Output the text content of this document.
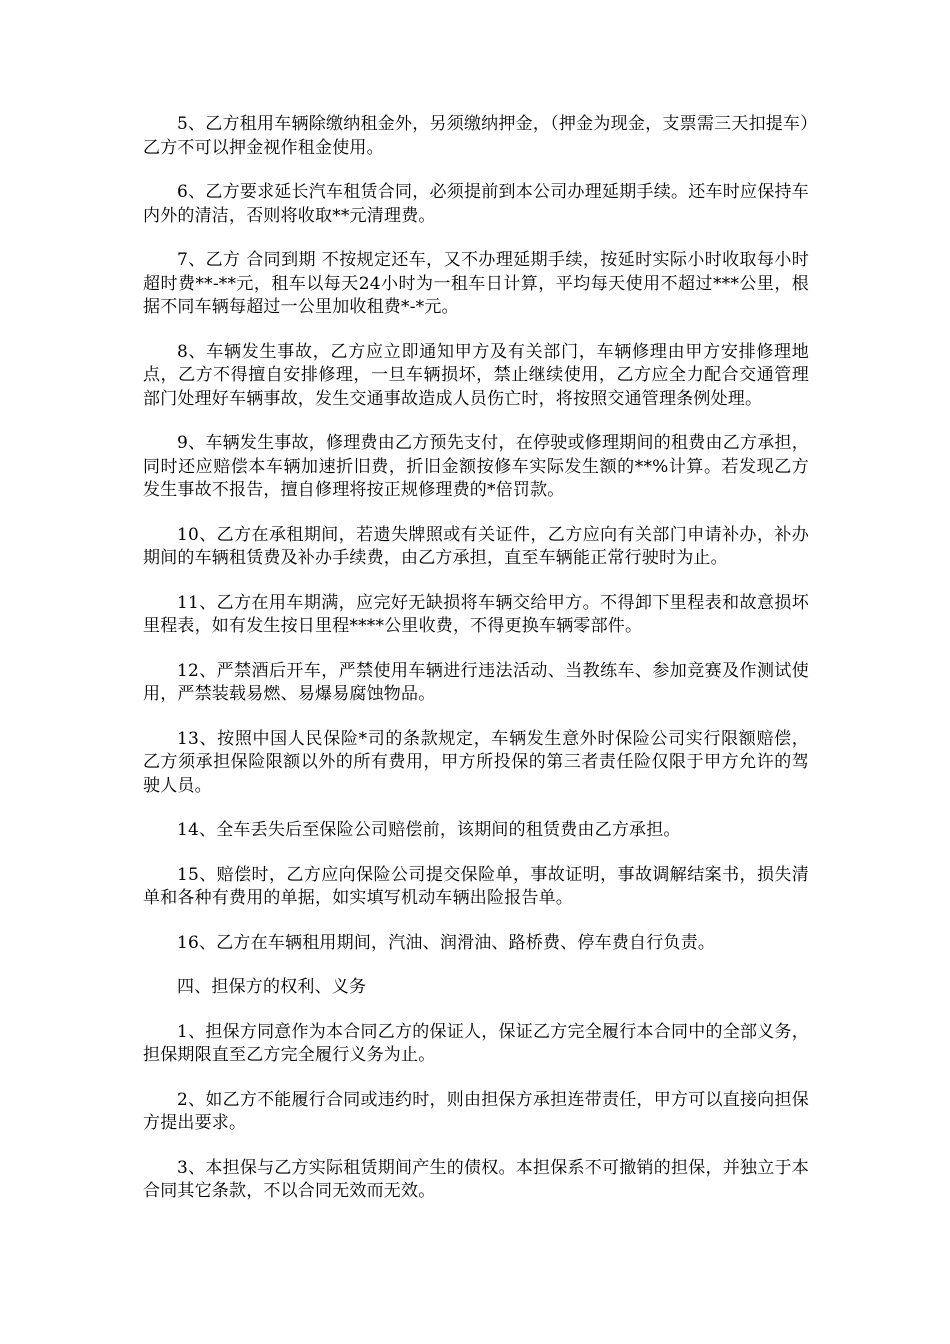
5、乙方租用车辆除缴纳租金外，另须缴纳押金，（押金为现金，支票需三天扣提车）乙方不可以押金视作租金使用。

6、乙方要求延长汽车租赁合同，必须提前到本公司办理延期手续。还车时应保持车内外的清洁，否则将收取**元清理费。

7、乙方 合同到期 不按规定还车，又不办理延期手续，按延时实际小时收取每小时超时费**-**元，租车以每天24小时为一租车日计算，平均每天使用不超过***公里，根据不同车辆每超过一公里加收租费*-*元。

8、车辆发生事故，乙方应立即通知甲方及有关部门，车辆修理由甲方安排修理地点，乙方不得擅自安排修理，一旦车辆损坏，禁止继续使用，乙方应全力配合交通管理部门处理好车辆事故，发生交通事故造成人员伤亡时，将按照交通管理条例处理。

9、车辆发生事故，修理费由乙方预先支付，在停驶或修理期间的租费由乙方承担，同时还应赔偿本车辆加速折旧费，折旧金额按修车实际发生额的**%计算。若发现乙方发生事故不报告，擅自修理将按正规修理费的*倍罚款。

10、乙方在承租期间，若遗失牌照或有关证件，乙方应向有关部门申请补办，补办期间的车辆租赁费及补办手续费，由乙方承担，直至车辆能正常行驶时为止。

11、乙方在用车期满，应完好无缺损将车辆交给甲方。不得卸下里程表和故意损坏里程表，如有发生按日里程****公里收费，不得更换车辆零部件。

12、严禁酒后开车，严禁使用车辆进行违法活动、当教练车、参加竞赛及作测试使用，严禁装载易燃、易爆易腐蚀物品。

13、按照中国人民保险*司的条款规定，车辆发生意外时保险公司实行限额赔偿，乙方须承担保险限额以外的所有费用，甲方所投保的第三者责任险仅限于甲方允许的驾驶人员。

14、全车丢失后至保险公司赔偿前，该期间的租赁费由乙方承担。

15、赔偿时，乙方应向保险公司提交保险单，事故证明，事故调解结案书，损失清单和各种有费用的单据，如实填写机动车辆出险报告单。

16、乙方在车辆租用期间，汽油、润滑油、路桥费、停车费自行负责。

四、担保方的权利、义务

1、担保方同意作为本合同乙方的保证人，保证乙方完全履行本合同中的全部义务，担保期限直至乙方完全履行义务为止。

2、如乙方不能履行合同或违约时，则由担保方承担连带责任，甲方可以直接向担保方提出要求。

3、本担保与乙方实际租赁期间产生的债权。本担保系不可撤销的担保，并独立于本合同其它条款，不以合同无效而无效。
